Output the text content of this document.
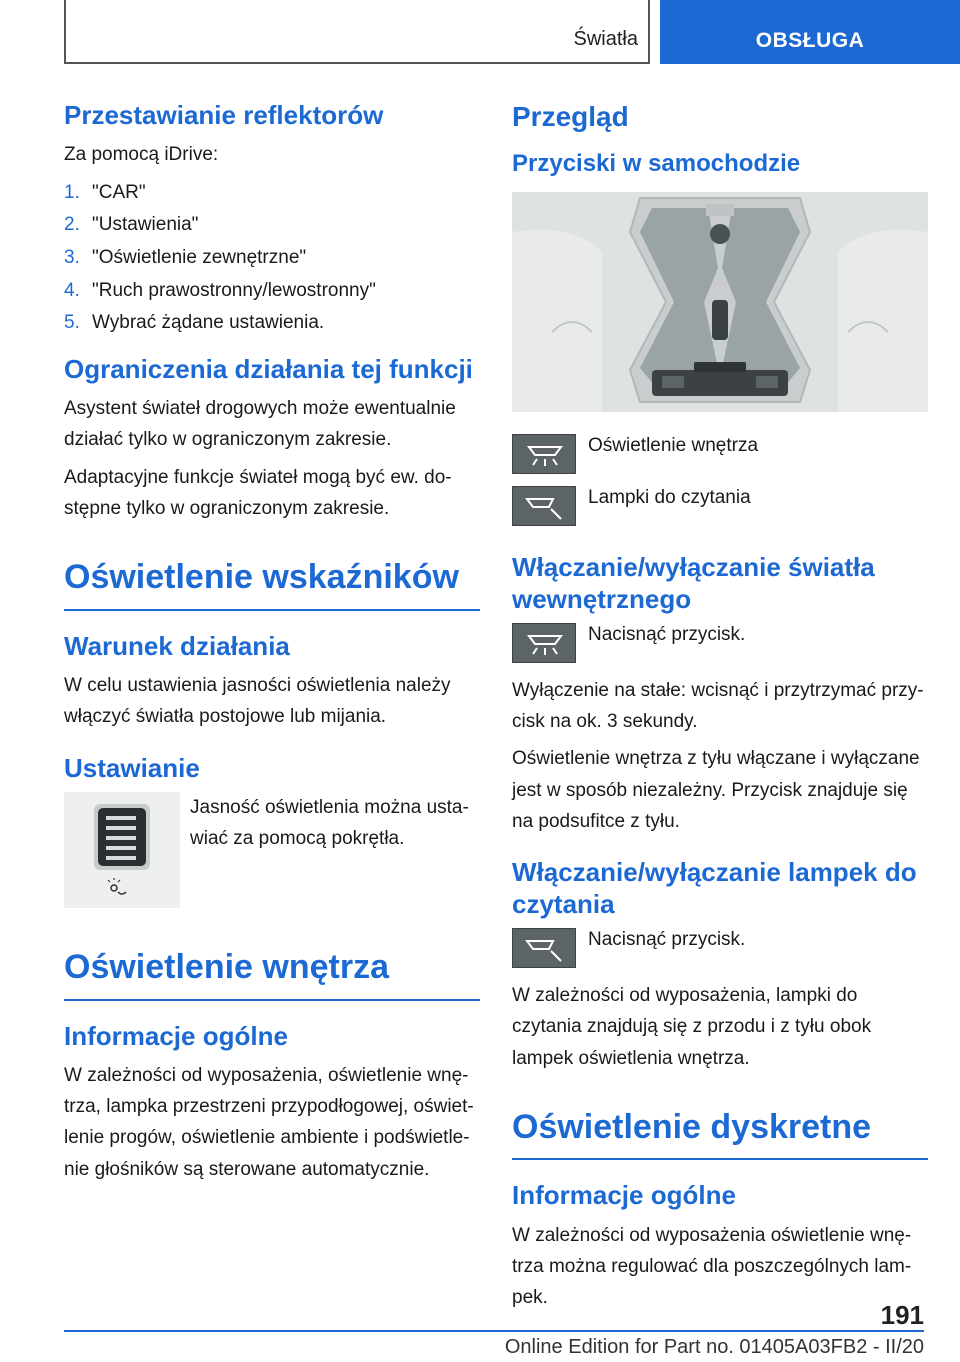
Światła	OBSŁUGA
Przestawianie reflektorów

Za pomocą iDrive:

1. "CAR"
2. "Ustawienia"
3. "Oświetlenie zewnętrzne"
4. "Ruch prawostronny/lewostronny"
5. Wybrać żądane ustawienia.
Ograniczenia działania tej funkcji

Asystent świateł drogowych może ewentualnie działać tylko w ograniczonym zakresie.

Adaptacyjne funkcje świateł mogą być ew. dostępne tylko w ograniczonym zakresie.

Oświetlenie wskaźników
Warunek działania

W celu ustawienia jasności oświetlenia należy włączyć światła postojowe lub mijania.

Ustawianie

Jasność oświetlenia można ustawiać za pomocą pokrętła.

Oświetlenie wnętrza
Informacje ogólne

W zależności od wyposażenia, oświetlenie wnętrza, lampka przestrzeni przypodłogowej, oświetlenie progów, oświetlenie ambiente i podświetlenie głośników są sterowane automatycznie.

Przegląd
Przyciski w samochodzie
Oświetlenie wnętrza
Lampki do czytania
Włączanie/wyłączanie światła wewnętrznego
Nacisnąć przycisk.

Wyłączenie na stałe: wcisnąć i przytrzymać przycisk na ok. 3 sekundy.

Oświetlenie wnętrza z tyłu włączane i wyłączane jest w sposób niezależny. Przycisk znajduje się na podsufitce z tyłu.

Włączanie/wyłączanie lampek do czytania
Nacisnąć przycisk.

W zależności od wyposażenia, lampki do czytania znajdują się z przodu i z tyłu obok lampek oświetlenia wnętrza.

Oświetlenie dyskretne
Informacje ogólne

W zależności od wyposażenia oświetlenie wnętrza można regulować dla poszczególnych lampek.

191
Online Edition for Part no. 01405A03FB2 - II/20
